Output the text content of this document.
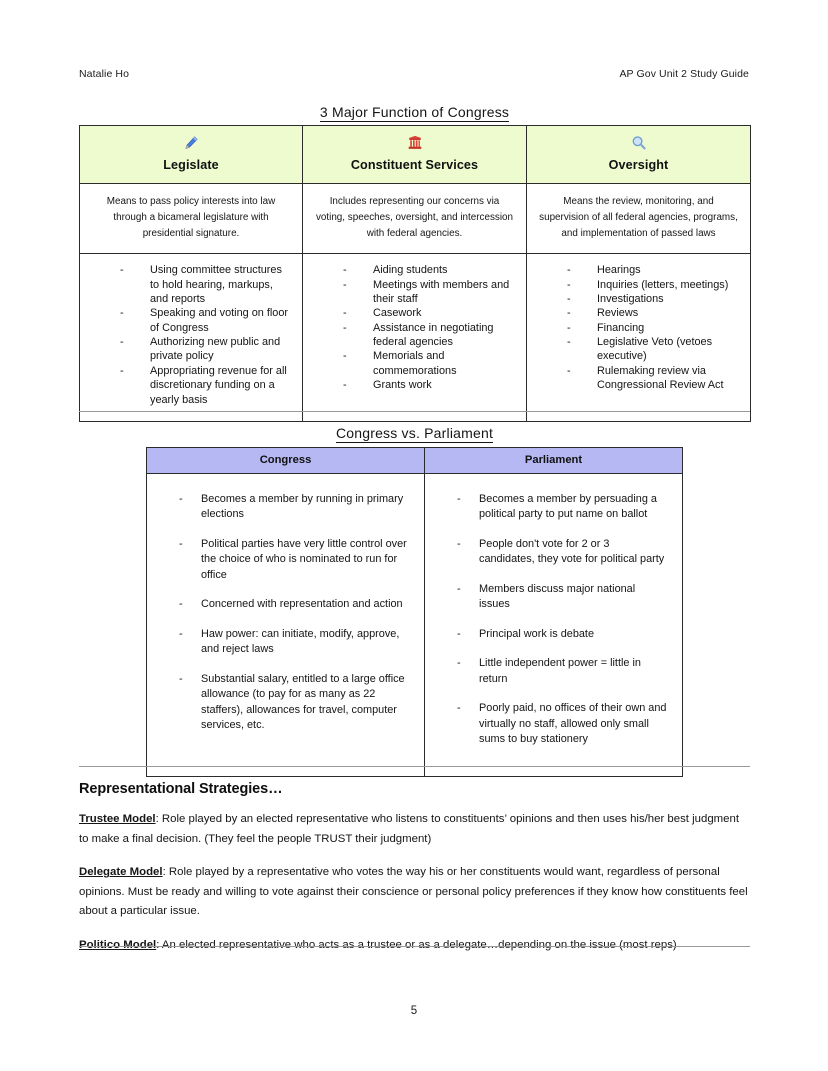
Natalie Ho	AP Gov Unit 2 Study Guide
3 Major Function of Congress
Legislate	Constituent Services	Oversight
Means to pass policy interests into law through a bicameral legislature with presidential signature.	Includes representing our concerns via voting, speeches, oversight, and intercession with federal agencies.	Means the review, monitoring, and supervision of all federal agencies, programs, and implementation of passed laws

- Using committee structures to hold hearing, markups, and reports
- Speaking and voting on floor of Congress
- Authorizing new public and private policy
- Appropriating revenue for all discretionary funding on a yearly basis

- Aiding students
- Meetings with members and their staff
- Casework
- Assistance in negotiating federal agencies
- Memorials and commemorations
- Grants work

- Hearings
- Inquiries (letters, meetings)
- Investigations
- Reviews
- Financing
- Legislative Veto (vetoes executive)
- Rulemaking review via Congressional Review Act
Congress vs. Parliament
Congress	Parliament

- Becomes a member by running in primary elections
- Political parties have very little control over the choice of who is nominated to run for office
- Concerned with representation and action
- Haw power: can initiate, modify, approve, and reject laws
- Substantial salary, entitled to a large office allowance (to pay for as many as 22 staffers), allowances for travel, computer services, etc.

- Becomes a member by persuading a political party to put name on ballot
- People don't vote for 2 or 3 candidates, they vote for political party
- Members discuss major national issues
- Principal work is debate
- Little independent power = little in return
- Poorly paid, no offices of their own and virtually no staff, allowed only small sums to buy stationery
Representational Strategies…

Trustee Model: Role played by an elected representative who listens to constituents’ opinions and then uses his/her best judgment to make a final decision. (They feel the people TRUST their judgment)

Delegate Model: Role played by a representative who votes the way his or her constituents would want, regardless of personal opinions. Must be ready and willing to vote against their conscience or personal policy preferences if they know how constituents feel about a particular issue.

Politico Model: An elected representative who acts as a trustee or as a delegate…depending on the issue (most reps)

5
